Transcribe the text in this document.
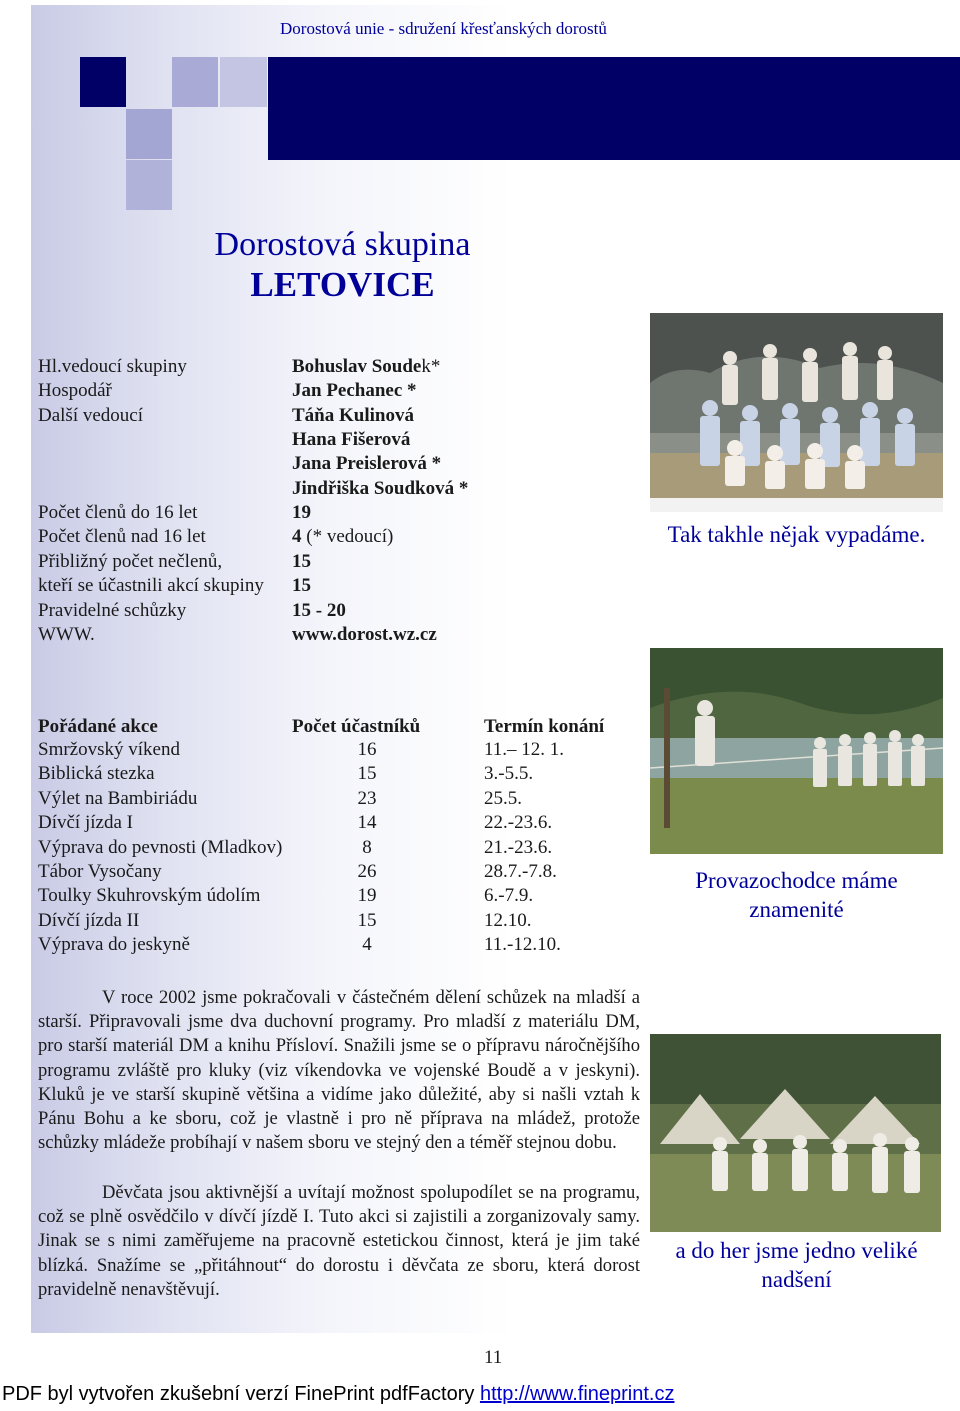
Dorostová unie - sdružení křesťanských dorostů
Dorostová skupina
LETOVICE
Hl.vedoucí skupiny	Bohuslav Soudek*
Hospodář	Jan Pechanec *
Další vedoucí	Táňa Kulinová
Hana Fišerová
Jana Preislerová *
Jindřiška Soudková *
Počet členů do 16 let	19
Počet členů nad 16 let	4 (* vedoucí)
Přibližný počet nečlenů,	15
kteří se účastnili akcí skupiny 15
Pravidelné schůzky	15 - 20
WWW.	www.dorost.wz.cz
Pořádané akce	Počet účastníků	Termín konání
Smržovský víkend	16	11.– 12. 1.
Biblická stezka	15	3.-5.5.
Výlet na Bambiriádu	23	25.5.
Dívčí jízda I	14	22.-23.6.
Výprava do pevnosti (Mladkov)	8	21.-23.6.
Tábor Vysočany	26	28.7.-7.8.
Toulky Skuhrovským údolím	19	6.-7.9.
Dívčí jízda II	15	12.10.
Výprava do jeskyně	4	11.-12.10.

V roce 2002 jsme pokračovali v částečném dělení schůzek na mladší a starší. Připravovali jsme dva duchovní programy. Pro mladší z materiálu DM, pro starší materiál DM a knihu Přísloví. Snažili jsme se o přípravu náročnějšího programu zvláště pro kluky (viz víkendovka ve vojenské Boudě a v jeskyni). Kluků je ve starší skupině většina a vidíme jako důležité, aby si našli vztah k Pánu Bohu a ke sboru, což je vlastně i pro ně příprava na mládež, protože schůzky mládeže probíhají v našem sboru ve stejný den a téměř stejnou dobu.

Děvčata jsou aktivnější a uvítají možnost spolupodílet se na programu, což se plně osvědčilo v dívčí jízdě I. Tuto akci si zajistili a zorganizovaly samy. Jinak se s nimi zaměřujeme na pracovně estetickou činnost, která je jim také blízká. Snažíme se „přitáhnout“ do dorostu i děvčata ze sboru, která dorost pravidelně nenavštěvují.

Tak takhle nějak vypadáme.
Provazochodce máme
znamenité
a do her jsme jedno veliké
nadšení
11
PDF byl vytvořen zkušební verzí FinePrint pdfFactory http://www.fineprint.cz
